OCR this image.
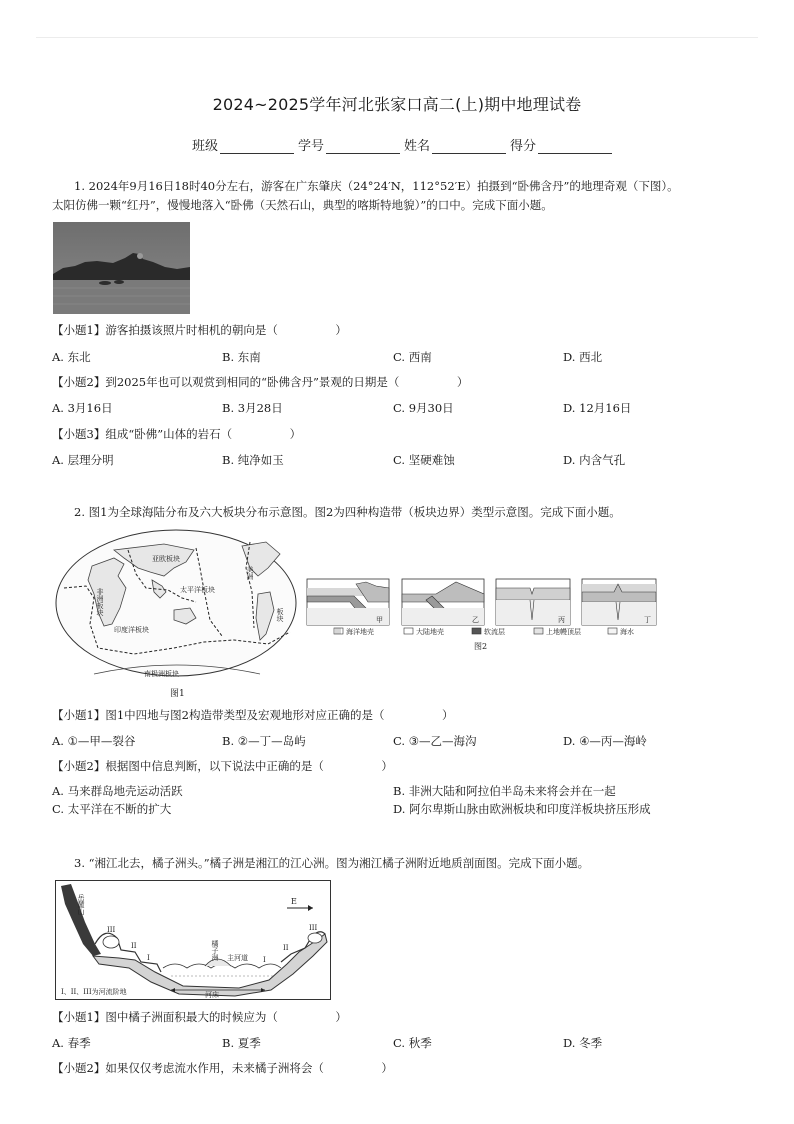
2024~2025学年河北张家口高二(上)期中地理试卷
班级	学号	姓名	得分
1. 2024年9月16日18时40分左右，游客在广东肇庆（24°24′N，112°52′E）拍摄到“卧佛含丹”的地理奇观（下图）。
太阳仿佛一颗“红丹”，慢慢地落入“卧佛（天然石山，典型的喀斯特地貌）”的口中。完成下面小题。
【小题1】游客拍摄该照片时相机的朝向是（　　　　　）
A. 东北	B. 东南	C. 西南	D. 西北
【小题2】到2025年也可以观赏到相同的“卧佛含丹”景观的日期是（　　　　　）
A. 3月16日	B. 3月28日	C. 9月30日	D. 12月16日
【小题3】组成“卧佛”山体的岩石（　　　　　）
A. 层理分明	B. 纯净如玉	C. 坚硬难蚀	D. 内含气孔
2. 图1为全球海陆分布及六大板块分布示意图。图2为四种构造带（板块边界）类型示意图。完成下面小题。
亚欧板块
非洲板块
印度洋板块
太平洋板块
美洲
板块
南极洲板块
图1
甲	乙	丙	丁
海洋地壳	大陆地壳	软流层	上地幔顶层	海水
图2
【小题1】图1中四地与图2构造带类型及宏观地形对应正确的是（　　　　　）
A. ①—甲—裂谷	B. ②—丁—岛屿	C. ③—乙—海沟	D. ④—丙—海岭
【小题2】根据图中信息判断，以下说法中正确的是（　　　　　）
A. 马来群岛地壳运动活跃	B. 非洲大陆和阿拉伯半岛未来将会并在一起
C. 太平洋在不断的扩大	D. 阿尔卑斯山脉由欧洲板块和印度洋板块挤压形成
3. “湘江北去，橘子洲头。”橘子洲是湘江的江心洲。图为湘江橘子洲附近地质剖面图。完成下面小题。
岳麓山
橘子洲 主河道
河床
E
III
II
I	I
II
III
I、II、III为河流阶地
【小题1】图中橘子洲面积最大的时候应为（　　　　　）
A. 春季	B. 夏季	C. 秋季	D. 冬季
【小题2】如果仅仅考虑流水作用，未来橘子洲将会（　　　　　）
